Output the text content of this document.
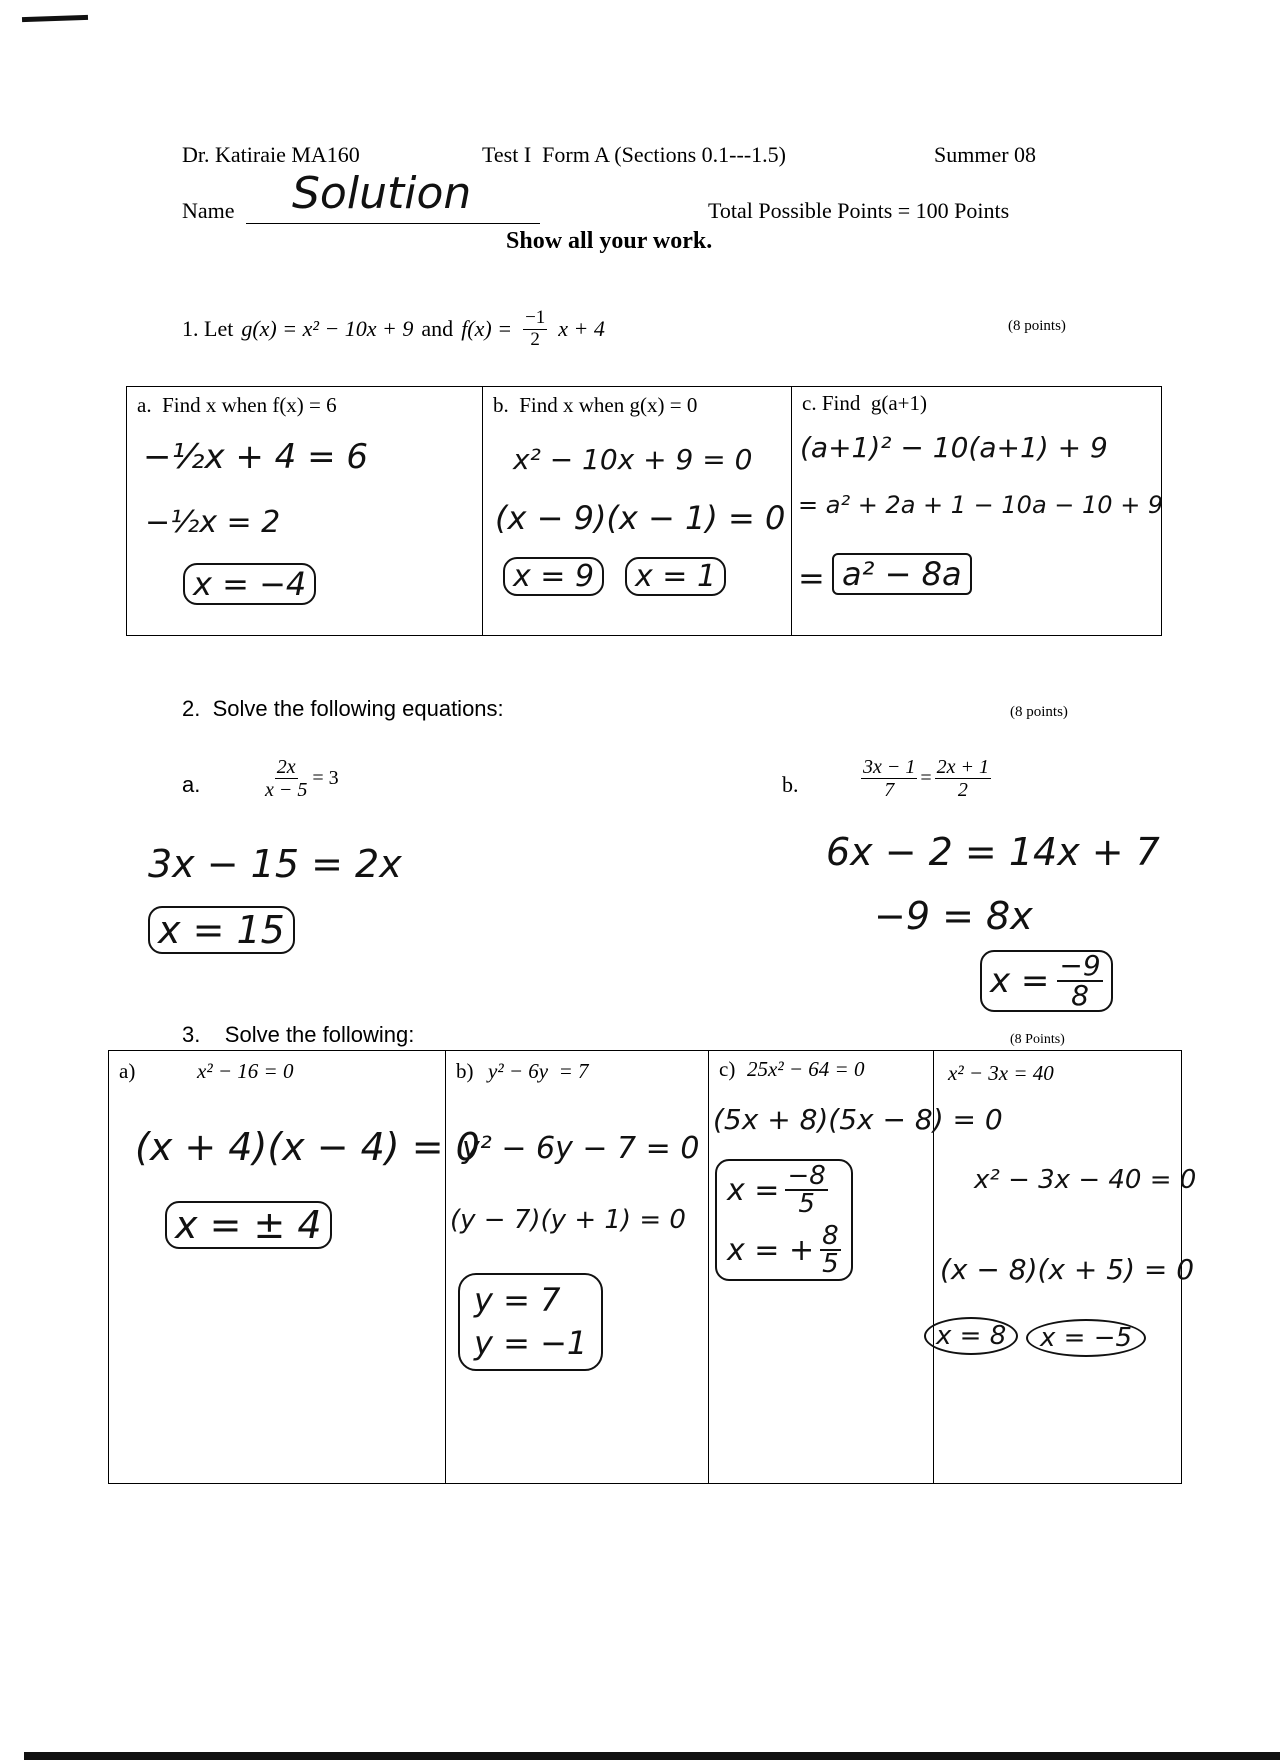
Dr. Katiraie MA160	Test I  Form A (Sections 0.1---1.5)	Summer 08
Name Solution	Total Possible Points = 100 Points
Show all your work.
1. Let g(x) = x² − 10x + 9 and $f(x) = \frac{-1}{2}$ x + 4	(8 points)
a.  Find x when f(x) = 6
−½x + 4 = 6
−½x = 2
x = −4

b.  Find x when g(x) = 0
x² − 10x + 9 = 0
(x − 9)(x − 1) = 0
x = 9	x = 1

c. Find  g(a+1)
(a+1)² − 10(a+1) + 9
= a² + 2a + 1 − 10a − 10 + 9
= a² − 8a
2.  Solve the following equations:	(8 points)
a.	$\frac{2x}{x - 5} = 3$
3x − 15 = 2x
x = 15
b.	$\frac{3x - 1}{7} = \frac{2x + 1}{2}$
6x − 2 = 14x + 7
−9 = 8x
$x = \frac{-9}{8}$
3.    Solve the following:	(8 Points)
a)	x² − 16 = 0
(x + 4)(x − 4) = 0
x = ± 4

b) y² − 6y  = 7
y² − 6y − 7 = 0
(y − 7)(y + 1) = 0
y = 7
y = −1

c) 25x² − 64 = 0
(5x + 8)(5x − 8) = 0
$x = \frac{-8}{5}$
x = + $\frac{8}{5}$

x² − 3x = 40
x² − 3x − 40 = 0
(x − 8)(x + 5) = 0
x = 8	x = −5
